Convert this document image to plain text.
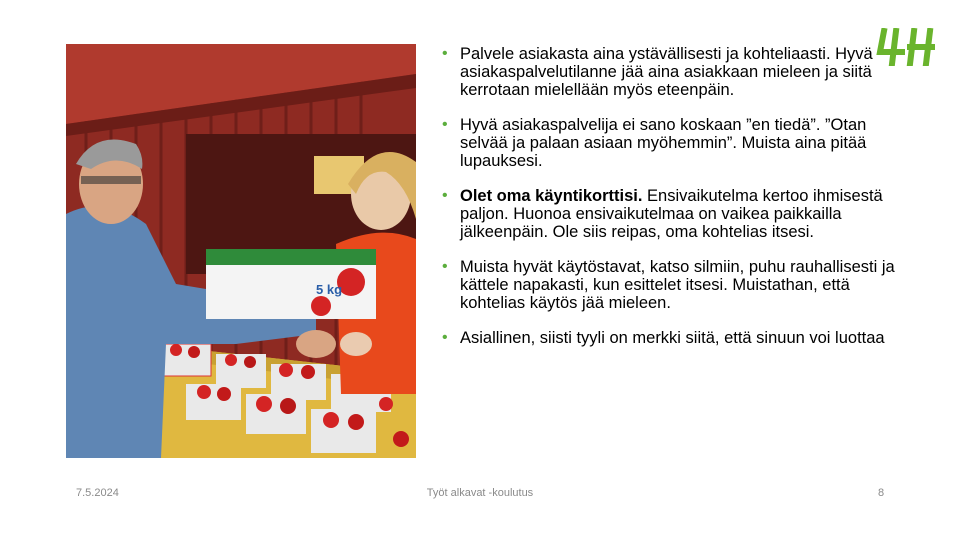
5 kg
• Palvele asiakasta aina ystävällisesti ja kohteliaasti. Hyvä asiakaspalvelutilanne jää aina asiakkaan mieleen ja siitä kerrotaan mielellään myös eteenpäin.
• Hyvä asiakaspalvelija ei sano koskaan ”en tiedä”. ”Otan selvää ja palaan asiaan myöhemmin”. Muista aina pitää lupauksesi.
• Olet oma käyntikorttisi. Ensivaikutelma kertoo ihmisestä paljon. Huonoa ensivaikutelmaa on vaikea paikkailla jälkeenpäin. Ole siis reipas, oma kohtelias itsesi.
• Muista hyvät käytöstavat, katso silmiin, puhu rauhallisesti ja kättele napakasti, kun esittelet itsesi. Muistathan, että kohtelias käytös jää mieleen.
• Asiallinen, siisti tyyli on merkki siitä, että sinuun voi luottaa
7.5.2024	Työt alkavat -koulutus	8
